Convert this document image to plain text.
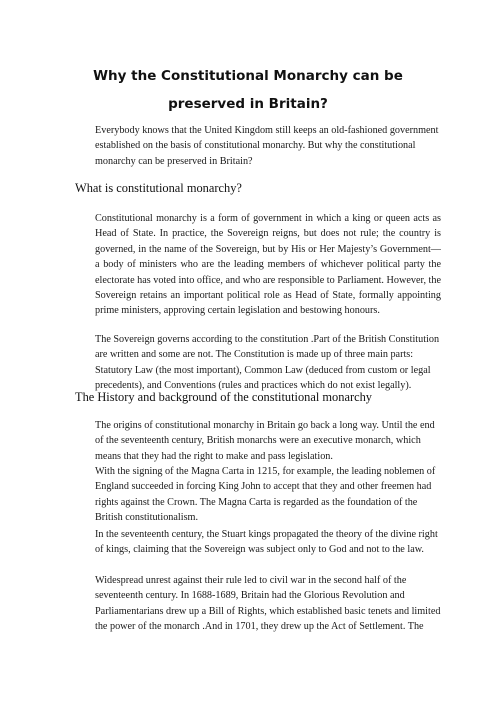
Why the Constitutional Monarchy can be preserved in Britain?
Everybody knows that the United Kingdom still keeps an old-fashioned government established on the basis of constitutional monarchy. But why the constitutional monarchy can be preserved in Britain?
What is constitutional monarchy?
Constitutional monarchy is a form of government in which a king or queen acts as Head of State. In practice, the Sovereign reigns, but does not rule; the country is governed, in the name of the Sovereign, but by His or Her Majesty’s Government—a body of ministers who are the leading members of whichever political party the electorate has voted into office, and who are responsible to Parliament. However, the Sovereign retains an important political role as Head of State, formally appointing prime ministers, approving certain legislation and bestowing honours.
The Sovereign governs according to the constitution .Part of the British Constitution are written and some are not. The Constitution is made up of three main parts: Statutory Law (the most important), Common Law (deduced from custom or legal precedents), and Conventions (rules and practices which do not exist legally).
The History and background of the constitutional monarchy
The origins of constitutional monarchy in Britain go back a long way. Until the end of the seventeenth century, British monarchs were an executive monarch, which means that they had the right to make and pass legislation.
With the signing of the Magna Carta in 1215, for example, the leading noblemen of England succeeded in forcing King John to accept that they and other freemen had rights against the Crown. The Magna Carta is regarded as the foundation of the British constitutionalism.
In the seventeenth century, the Stuart kings propagated the theory of the divine right of kings, claiming that the Sovereign was subject only to God and not to the law.
Widespread unrest against their rule led to civil war in the second half of the seventeenth century. In 1688-1689, Britain had the Glorious Revolution and Parliamentarians drew up a Bill of Rights, which established basic tenets and limited the power of the monarch .And in 1701, they drew up the Act of Settlement. The
